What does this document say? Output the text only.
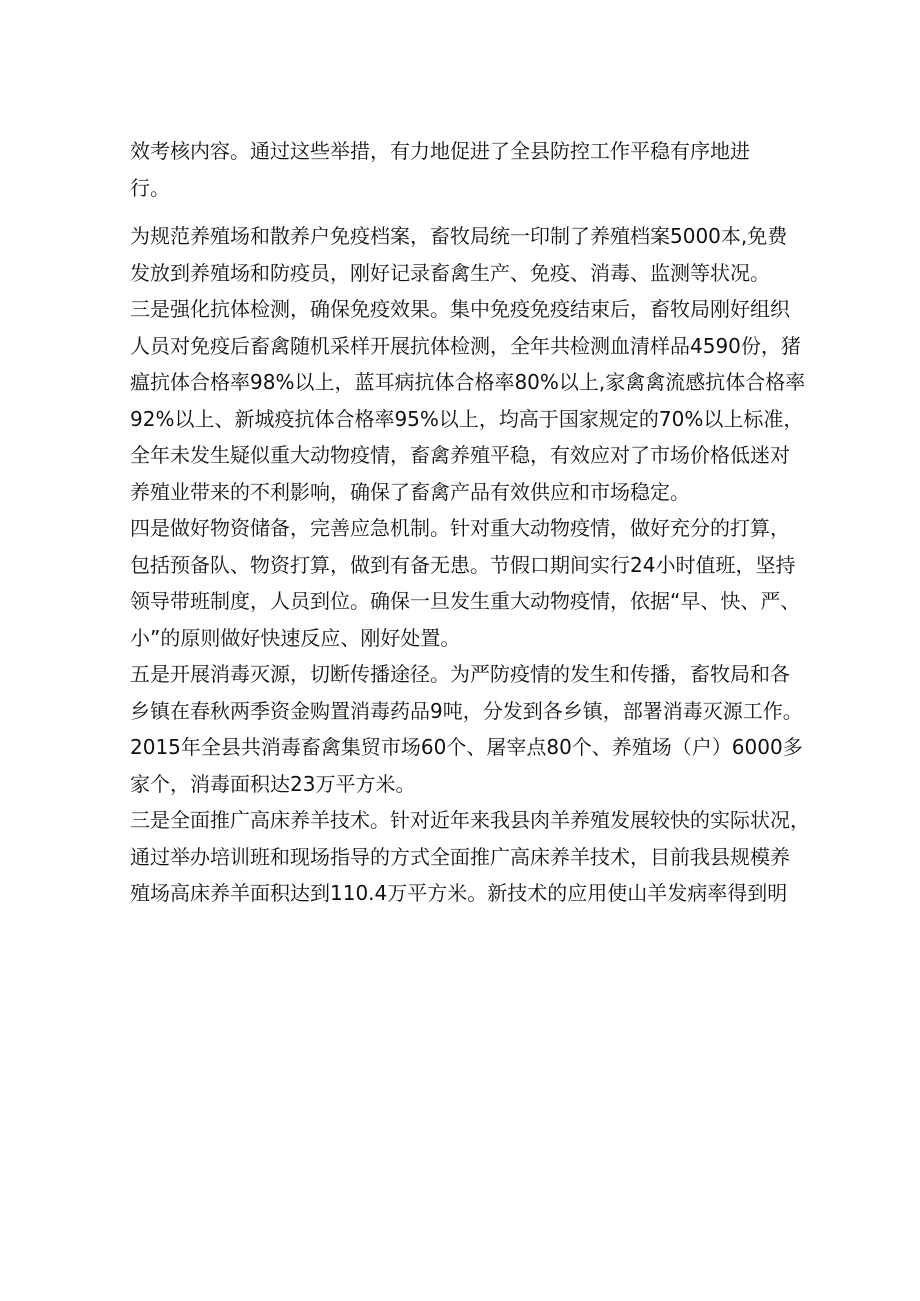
效考核内容。通过这些举措，有力地促进了全县防控工作平稳有序地进
行。
为规范养殖场和散养户免疫档案，畜牧局统一印制了养殖档案5000本,免费
发放到养殖场和防疫员，刚好记录畜禽生产、免疫、消毒、监测等状况。
三是强化抗体检测，确保免疫效果。集中免疫免疫结束后，畜牧局刚好组织
人员对免疫后畜禽随机采样开展抗体检测，全年共检测血清样品4590份，猪
瘟抗体合格率98%以上，蓝耳病抗体合格率80%以上,家禽禽流感抗体合格率
92%以上、新城疫抗体合格率95%以上，均高于国家规定的70%以上标准，
全年未发生疑似重大动物疫情，畜禽养殖平稳，有效应对了市场价格低迷对
养殖业带来的不利影响，确保了畜禽产品有效供应和市场稳定。
四是做好物资储备，完善应急机制。针对重大动物疫情，做好充分的打算，
包括预备队、物资打算，做到有备无患。节假口期间实行24小时值班，坚持
领导带班制度，人员到位。确保一旦发生重大动物疫情，依据“早、快、严、
小”的原则做好快速反应、刚好处置。
五是开展消毒灭源，切断传播途径。为严防疫情的发生和传播，畜牧局和各
乡镇在春秋两季资金购置消毒药品9吨，分发到各乡镇，部署消毒灭源工作。
2015年全县共消毒畜禽集贸市场60个、屠宰点80个、养殖场（户）6000多
家个，消毒面积达23万平方米。
三是全面推广高床养羊技术。针对近年来我县肉羊养殖发展较快的实际状况，
通过举办培训班和现场指导的方式全面推广高床养羊技术，目前我县规模养
殖场高床养羊面积达到110.4万平方米。新技术的应用使山羊发病率得到明
